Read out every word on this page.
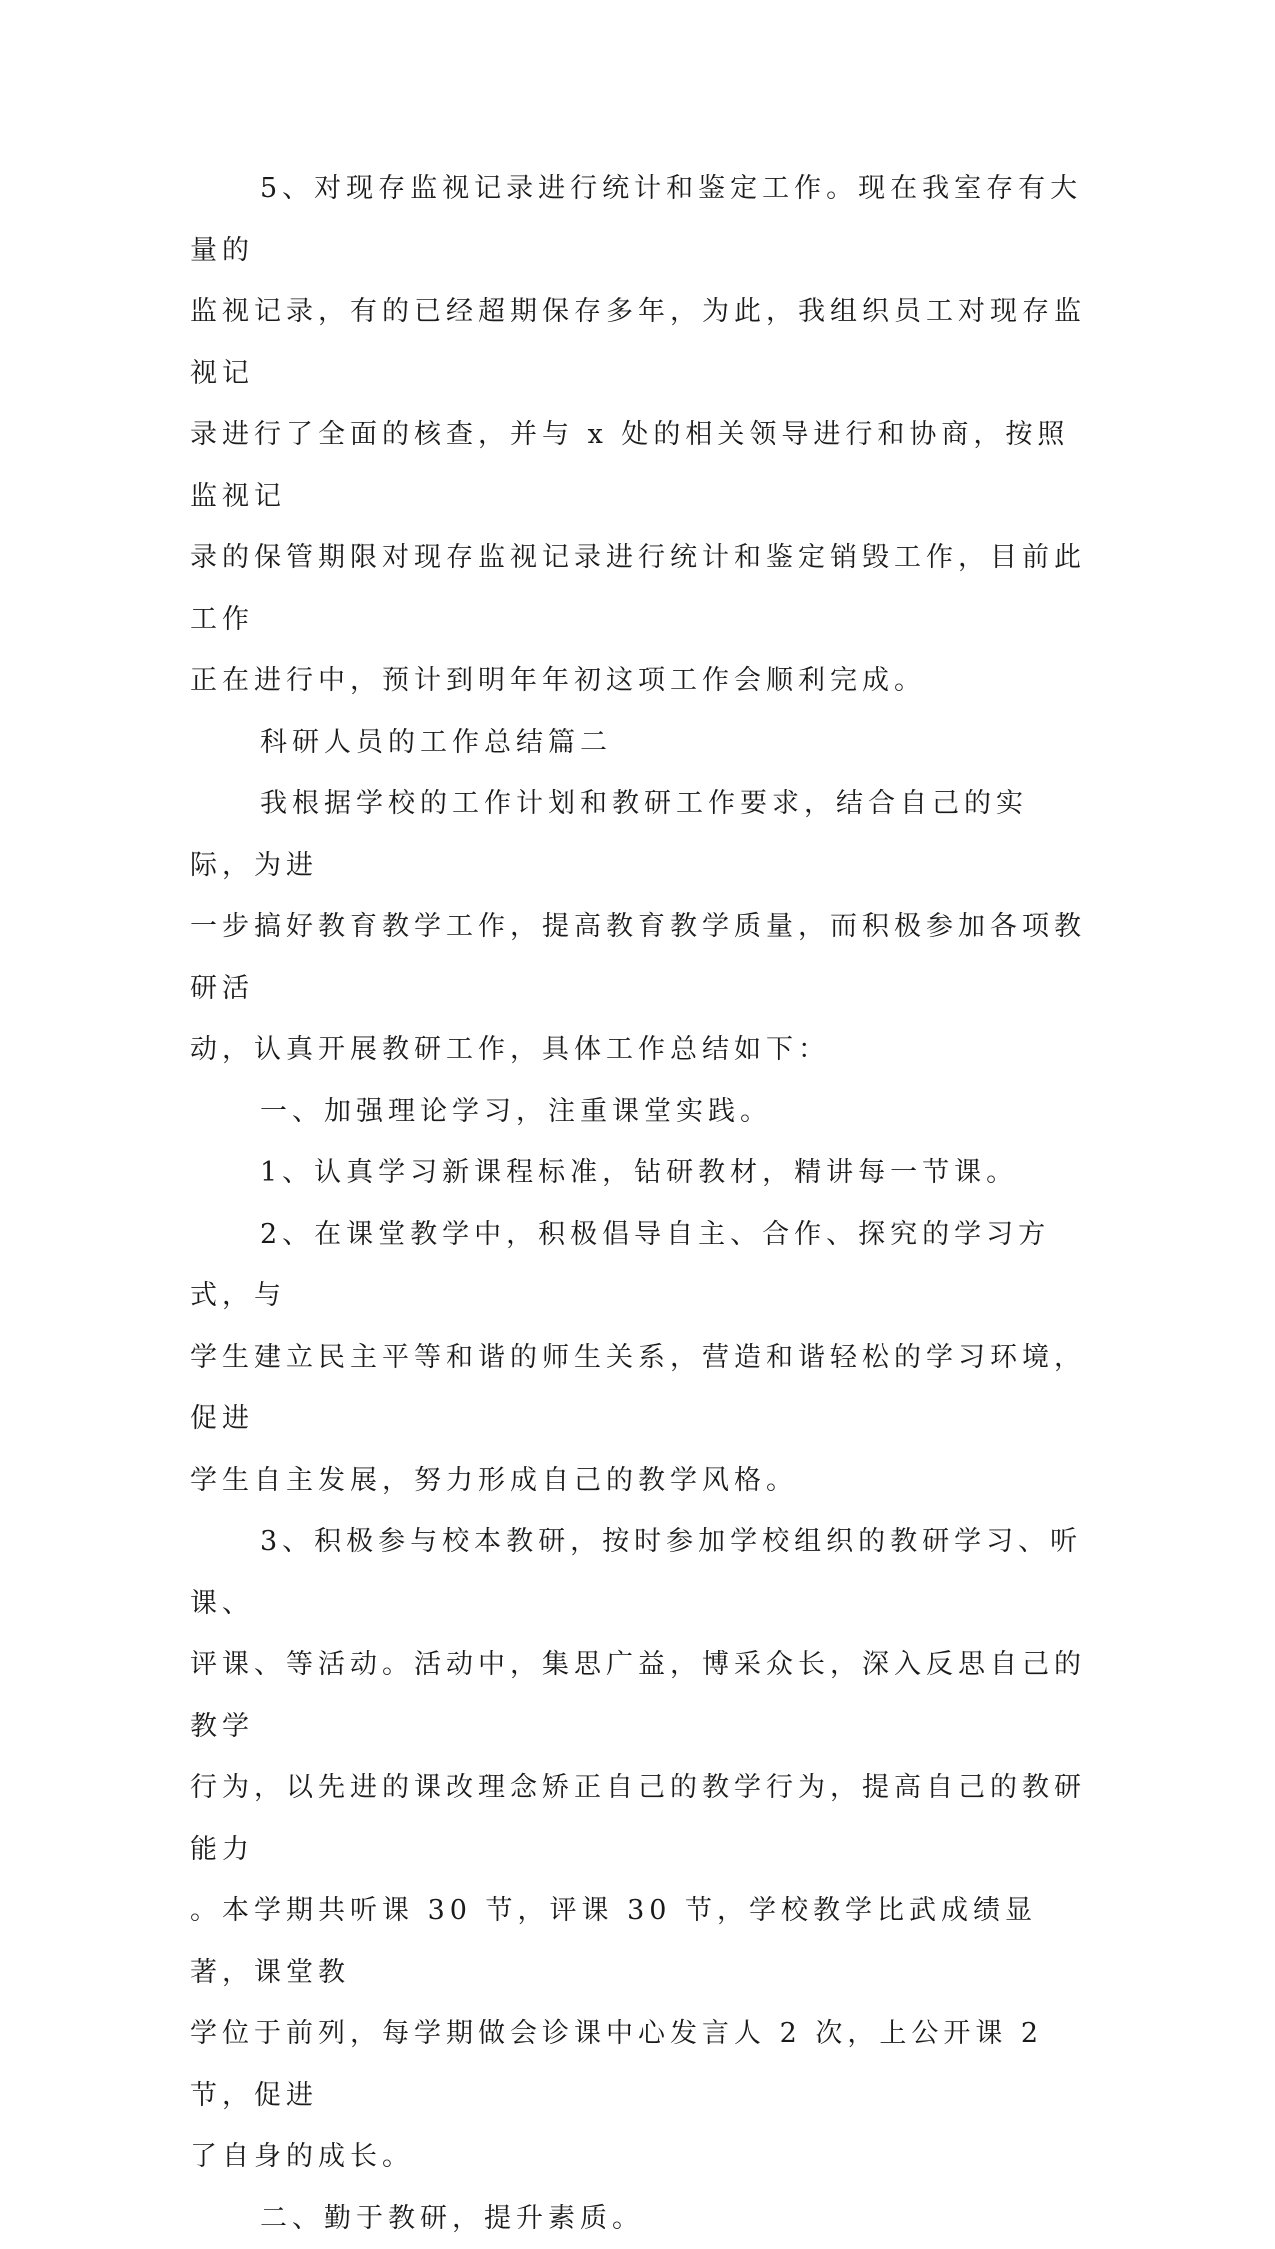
5、对现存监视记录进行统计和鉴定工作。现在我室存有大量的
监视记录，有的已经超期保存多年，为此，我组织员工对现存监视记
录进行了全面的核查，并与 x 处的相关领导进行和协商，按照监视记
录的保管期限对现存监视记录进行统计和鉴定销毁工作，目前此工作
正在进行中，预计到明年年初这项工作会顺利完成。

科研人员的工作总结篇二

我根据学校的工作计划和教研工作要求，结合自己的实际，为进
一步搞好教育教学工作，提高教育教学质量，而积极参加各项教研活
动，认真开展教研工作，具体工作总结如下：

一、加强理论学习，注重课堂实践。

1、认真学习新课程标准，钻研教材，精讲每一节课。

2、在课堂教学中，积极倡导自主、合作、探究的学习方式，与
学生建立民主平等和谐的师生关系，营造和谐轻松的学习环境，促进
学生自主发展，努力形成自己的教学风格。

3、积极参与校本教研，按时参加学校组织的教研学习、听课、
评课、等活动。活动中，集思广益，博采众长，深入反思自己的教学
行为，以先进的课改理念矫正自己的教学行为，提高自己的教研能力
。本学期共听课 30 节，评课 30 节，学校教学比武成绩显著，课堂教
学位于前列，每学期做会诊课中心发言人 2 次，上公开课 2 节，促进
了自身的成长。

二、勤于教研，提升素质。
